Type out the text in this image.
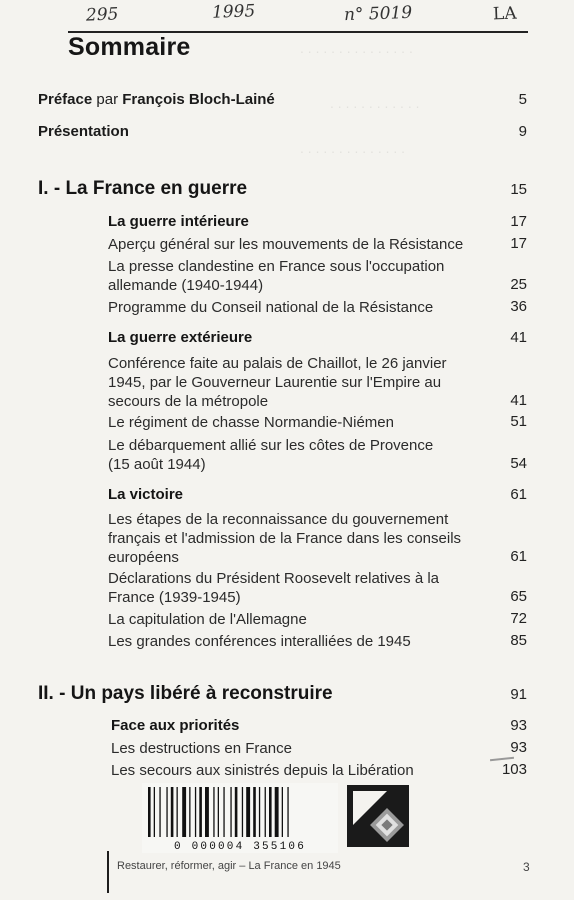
. . . . . . . . . . . . . . .
. . . . . . . . . . . .
. . . . . . . . . . . . . .
295	1995	n° 5019	LA
Sommaire
Préface par François Bloch-Lainé	5
Présentation	9
I. - La France en guerre	15
La guerre intérieure	17
Aperçu général sur les mouvements de la Résistance	17
La presse clandestine en France sous l'occupation
allemande (1940-1944)	25
Programme du Conseil national de la Résistance	36
La guerre extérieure	41
Conférence faite au palais de Chaillot, le 26 janvier
1945, par le Gouverneur Laurentie sur l'Empire au
secours de la métropole	41
Le régiment de chasse Normandie-Niémen	51
Le débarquement allié sur les côtes de Provence
(15 août 1944)	54
La victoire	61
Les étapes de la reconnaissance du gouvernement
français et l'admission de la France dans les conseils
européens	61
Déclarations du Président Roosevelt relatives à la
France (1939-1945)	65
La capitulation de l'Allemagne	72
Les grandes conférences interalliées de 1945	85
II. - Un pays libéré à reconstruire	91
Face aux priorités	93
Les destructions en France	93
Les secours aux sinistrés depuis la Libération	103
0 000004 355106
Restaurer, réformer, agir – La France en 1945	3
